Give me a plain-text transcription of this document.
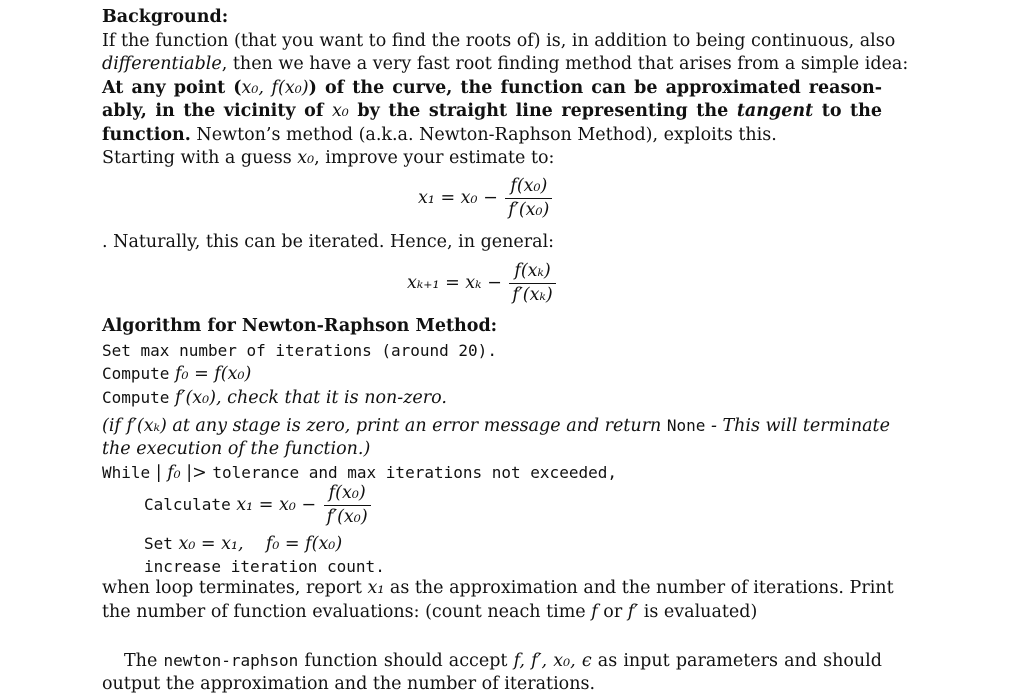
Background:
If the function (that you want to find the roots of) is, in addition to being continuous, also
differentiable, then we have a very fast root finding method that arises from a simple idea:
At any point (x₀, f(x₀)) of the curve, the function can be approximated reason-
ably, in the vicinity of x₀ by the straight line representing the tangent to the
function. Newton’s method (a.k.a. Newton-Raphson Method), exploits this.
Starting with a guess x₀, improve your estimate to:
$x_1 = x_0 - \frac{\text{f(x₀)}}{\text{f′(x₀)}}$
. Naturally, this can be iterated. Hence, in general:
$x_{k+1} = x_k - \frac{\text{f(xₖ)}}{\text{f′(xₖ)}}$
Algorithm for Newton-Raphson Method:
Set max number of iterations (around 20).
Compute f₀ = f(x₀)
Compute f′(x₀), check that it is non-zero.
(if f′(xₖ) at any stage is zero, print an error message and return None - This will terminate
the execution of the function.)
While | f₀ |> tolerance and max iterations not exceeded,
Calculate $x_1 = x_0 - \frac{\text{f(x₀)}}{\text{f′(x₀)}}$
Set x₀ = x₁,    f₀ = f(x₀)
increase iteration count.
when loop terminates, report x₁ as the approximation and the number of iterations. Print
the number of function evaluations: (count neach time f or f′ is evaluated)
The newton-raphson function should accept f, f′, x₀, ϵ as input parameters and should
output the approximation and the number of iterations.
